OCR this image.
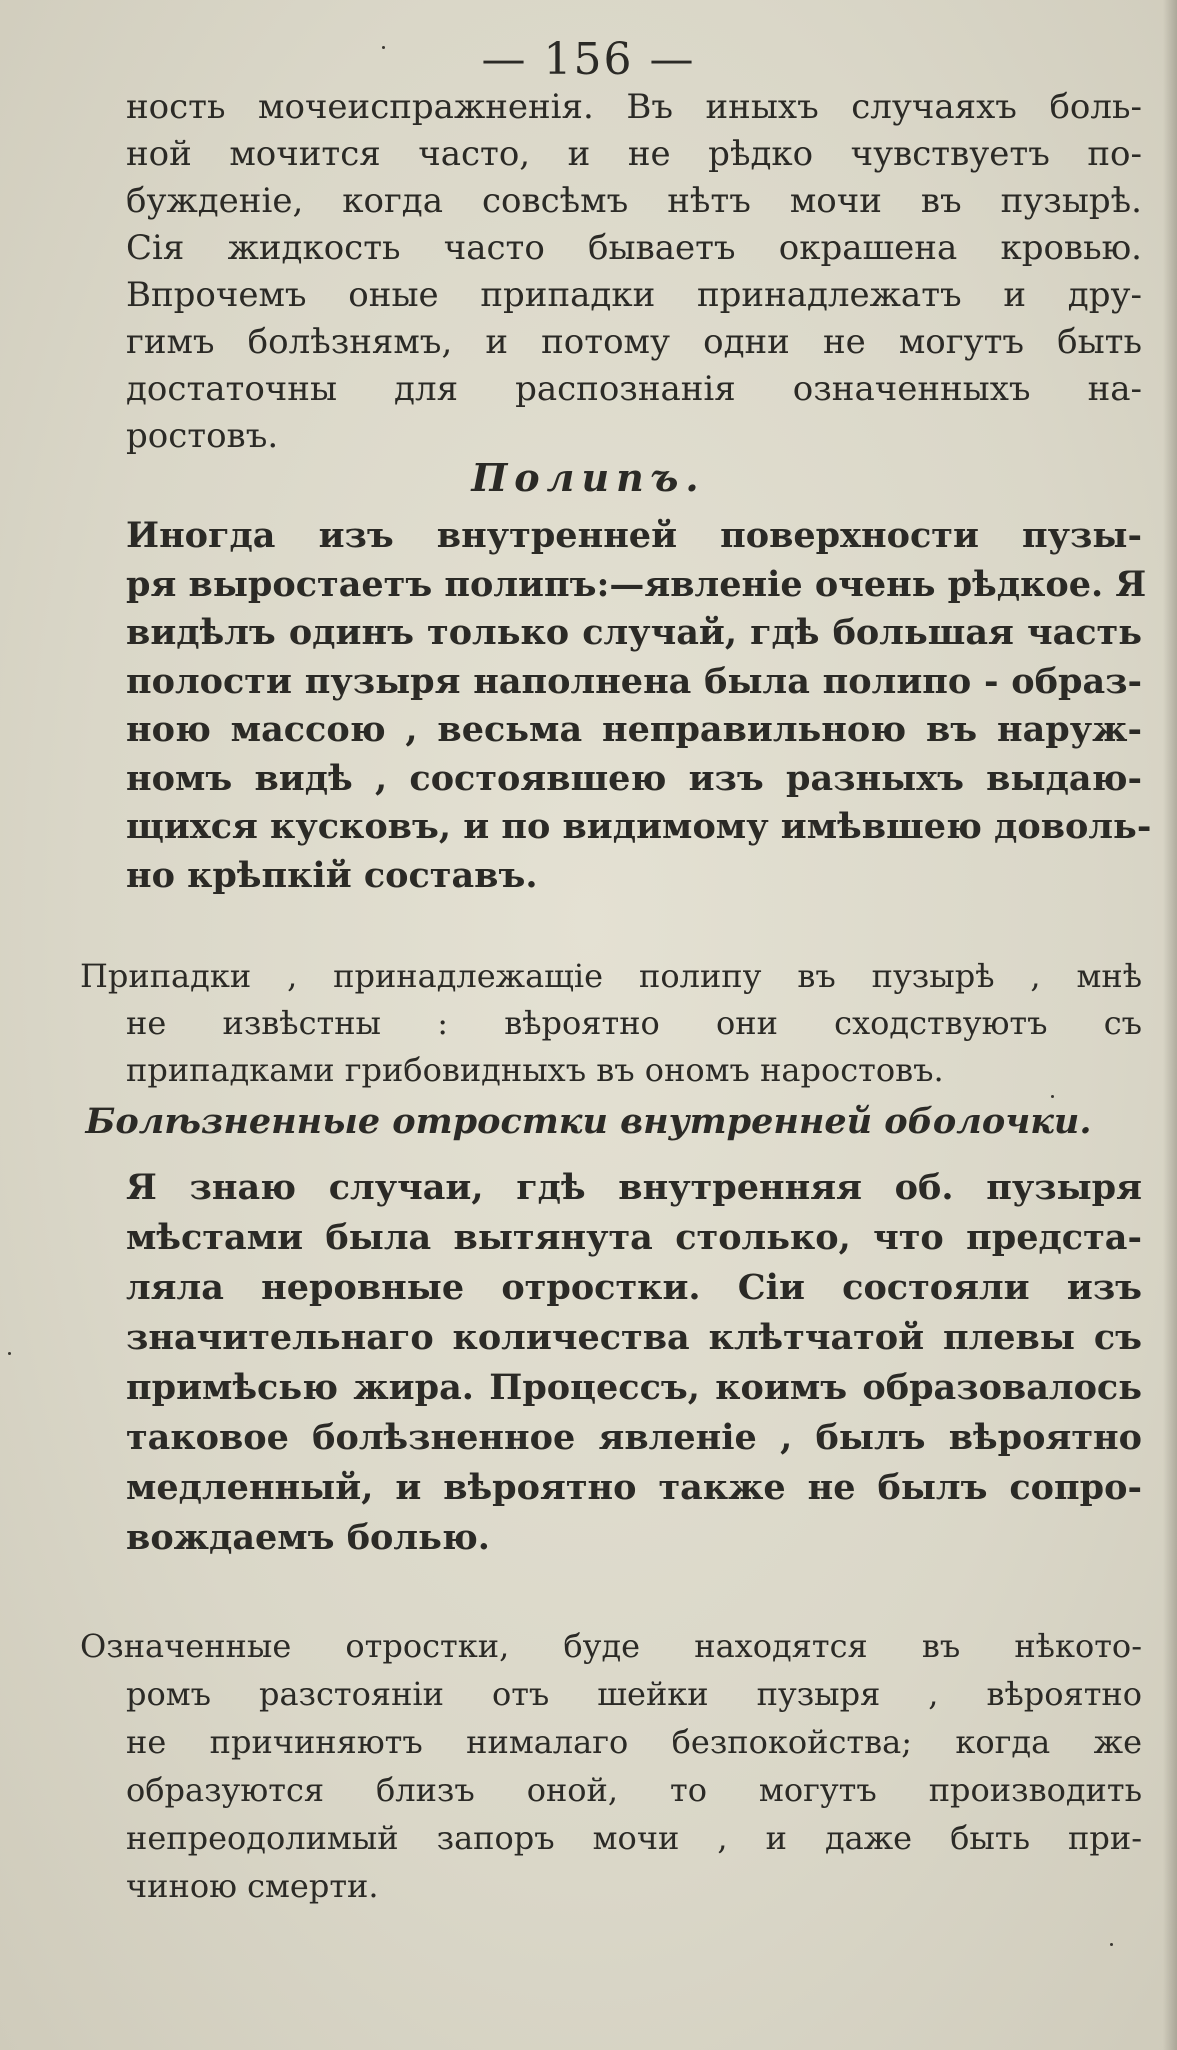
— 156 —
ность мочеиспражненія. Въ иныхъ случаяхъ боль-
ной мочится часто, и не рѣдко чувствуетъ по-
бужденіе, когда совсѣмъ нѣтъ мочи въ пузырѣ.
Сія жидкость часто бываетъ окрашена кровью.
Впрочемъ оные припадки принадлежатъ и дру-
гимъ болѣзнямъ, и потому одни не могутъ быть
достаточны для распознанія означенныхъ на-
ростовъ.
Полипъ.
Иногда изъ внутренней поверхности пузы-
ря выростаетъ полипъ:—явленіе очень рѣдкое. Я
видѣлъ одинъ только случай, гдѣ большая часть
полости пузыря наполнена была полипо - образ-
ною массою , весьма неправильною въ наруж-
номъ видѣ , состоявшею изъ разныхъ выдаю-
щихся кусковъ, и по видимому имѣвшею доволь-
но крѣпкій составъ.
Припадки , принадлежащіе полипу въ пузырѣ , мнѣ
не извѣстны : вѣроятно они сходствуютъ съ
припадками грибовидныхъ въ ономъ наростовъ.
Болѣзненные отростки внутренней оболочки.
Я знаю случаи, гдѣ внутренняя об. пузыря
мѣстами была вытянута столько, что предста-
ляла неровные отростки. Сіи состояли изъ
значительнаго количества клѣтчатой плевы съ
примѣсью жира. Процессъ, коимъ образовалось
таковое болѣзненное явленіе , былъ вѣроятно
медленный, и вѣроятно также не былъ сопро-
вождаемъ болью.
Означенные отростки, буде находятся въ нѣкото-
ромъ разстояніи отъ шейки пузыря , вѣроятно
не причиняютъ нималаго безпокойства; когда же
образуются близъ оной, то могутъ производить
непреодолимый запоръ мочи , и даже быть при-
чиною смерти.
